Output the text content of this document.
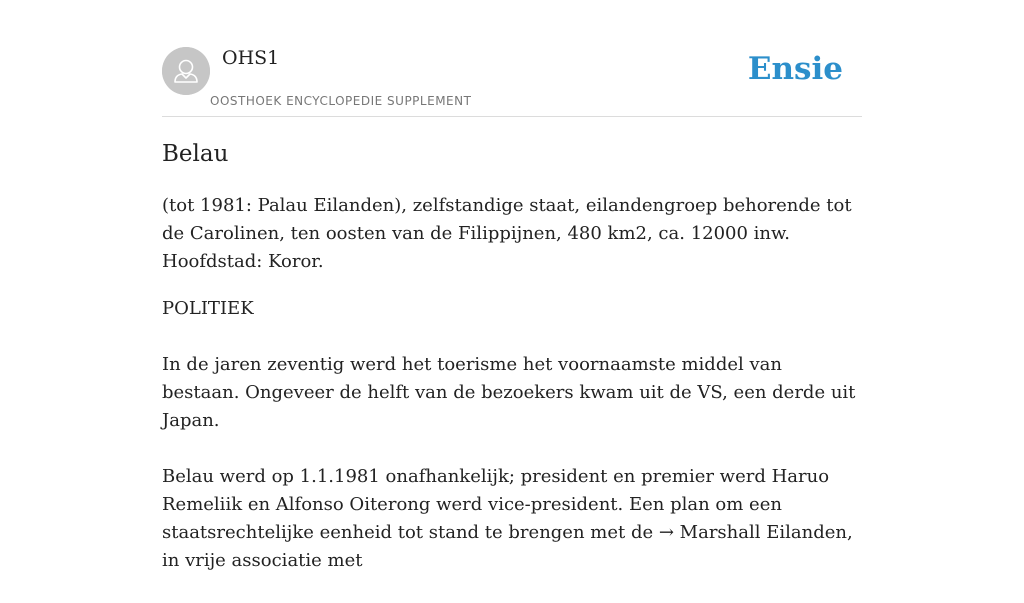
OHS1
OOSTHOEK ENCYCLOPEDIE SUPPLEMENT
Ensie
Belau

(tot 1981: Palau Eilanden), zelfstandige staat, eilandengroep behorende tot de Carolinen, ten oosten van de Filippijnen, 480 km2, ca. 12000 inw. Hoofdstad: Koror.

POLITIEK

In de jaren zeventig werd het toerisme het voornaamste middel van bestaan. Ongeveer de helft van de bezoekers kwam uit de VS, een derde uit Japan.

Belau werd op 1.1.1981 onafhankelijk; president en premier werd Haruo Remeliik en Alfonso Oiterong werd vice-president. Een plan om een staatsrechtelijke eenheid tot stand te brengen met de → Marshall Eilanden, in vrije associatie met
